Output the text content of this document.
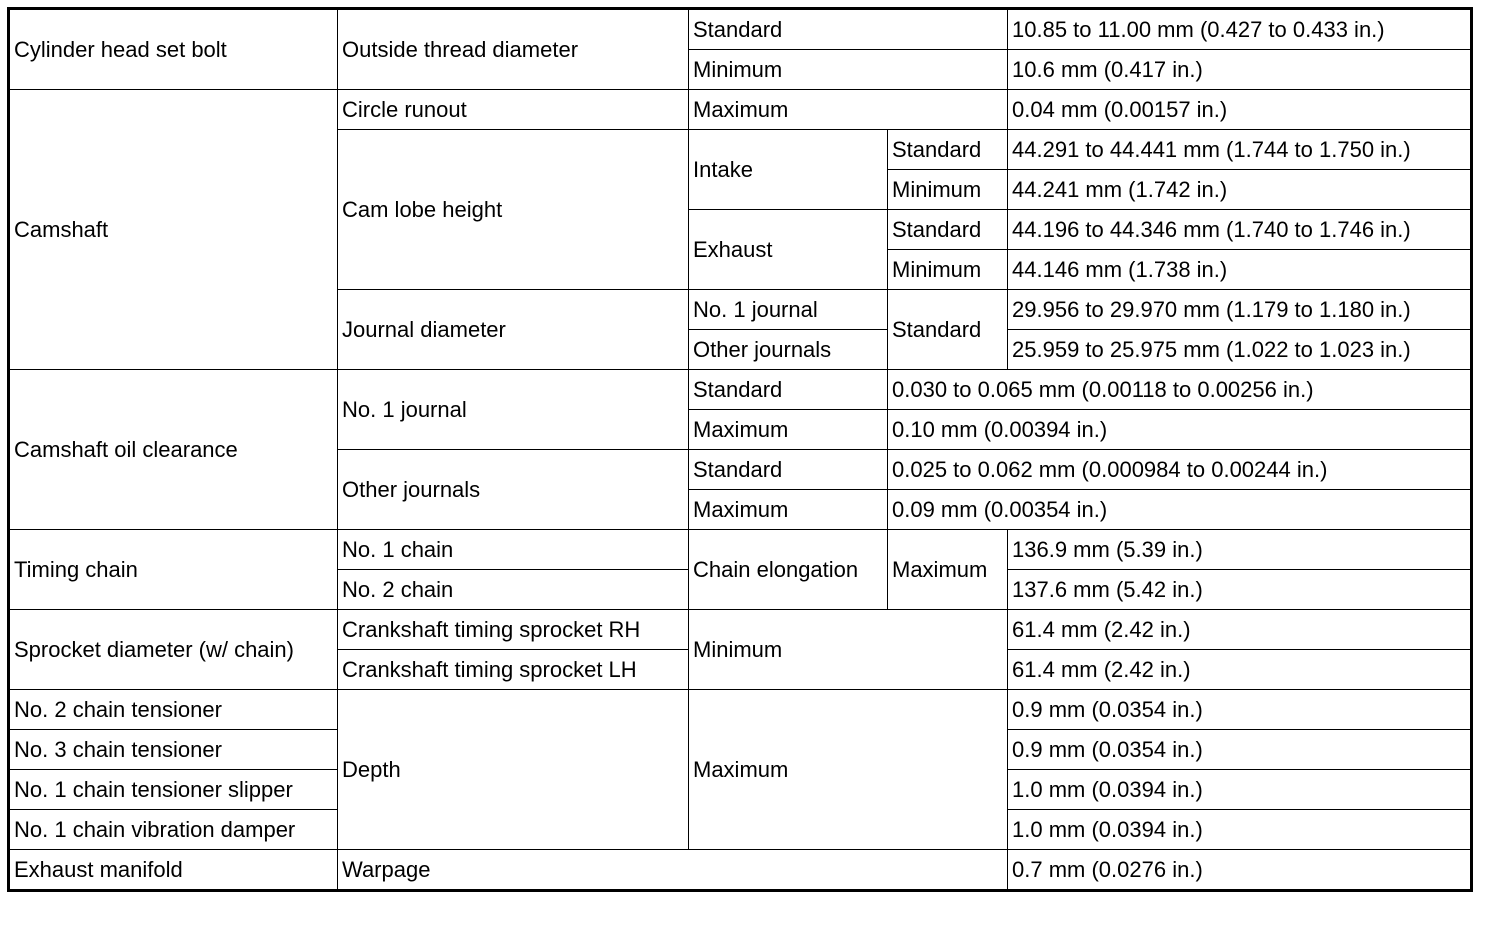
Cylinder head set bolt	Outside thread diameter	Standard		10.85 to 11.00 mm (0.427 to 0.433 in.)
		Minimum		10.6 mm (0.417 in.)
Camshaft	Circle runout	Maximum		0.04 mm (0.00157 in.)
	Cam lobe height	Intake	Standard	44.291 to 44.441 mm (1.744 to 1.750 in.)
			Minimum	44.241 mm (1.742 in.)
		Exhaust	Standard	44.196 to 44.346 mm (1.740 to 1.746 in.)
			Minimum	44.146 mm (1.738 in.)
	Journal diameter	No. 1 journal	Standard	29.956 to 29.970 mm (1.179 to 1.180 in.)
		Other journals		25.959 to 25.975 mm (1.022 to 1.023 in.)
Camshaft oil clearance	No. 1 journal	Standard	0.030 to 0.065 mm (0.00118 to 0.00256 in.)	
		Maximum	0.10 mm (0.00394 in.)	
	Other journals	Standard	0.025 to 0.062 mm (0.000984 to 0.00244 in.)	
		Maximum	0.09 mm (0.00354 in.)	
Timing chain	No. 1 chain	Chain elongation	Maximum	136.9 mm (5.39 in.)
	No. 2 chain			137.6 mm (5.42 in.)
Sprocket diameter (w/ chain)	Crankshaft timing sprocket RH	Minimum		61.4 mm (2.42 in.)
	Crankshaft timing sprocket LH			61.4 mm (2.42 in.)
No. 2 chain tensioner	Depth	Maximum		0.9 mm (0.0354 in.)
No. 3 chain tensioner				0.9 mm (0.0354 in.)
No. 1 chain tensioner slipper				1.0 mm (0.0394 in.)
No. 1 chain vibration damper				1.0 mm (0.0394 in.)
Exhaust manifold	Warpage			0.7 mm (0.0276 in.)
